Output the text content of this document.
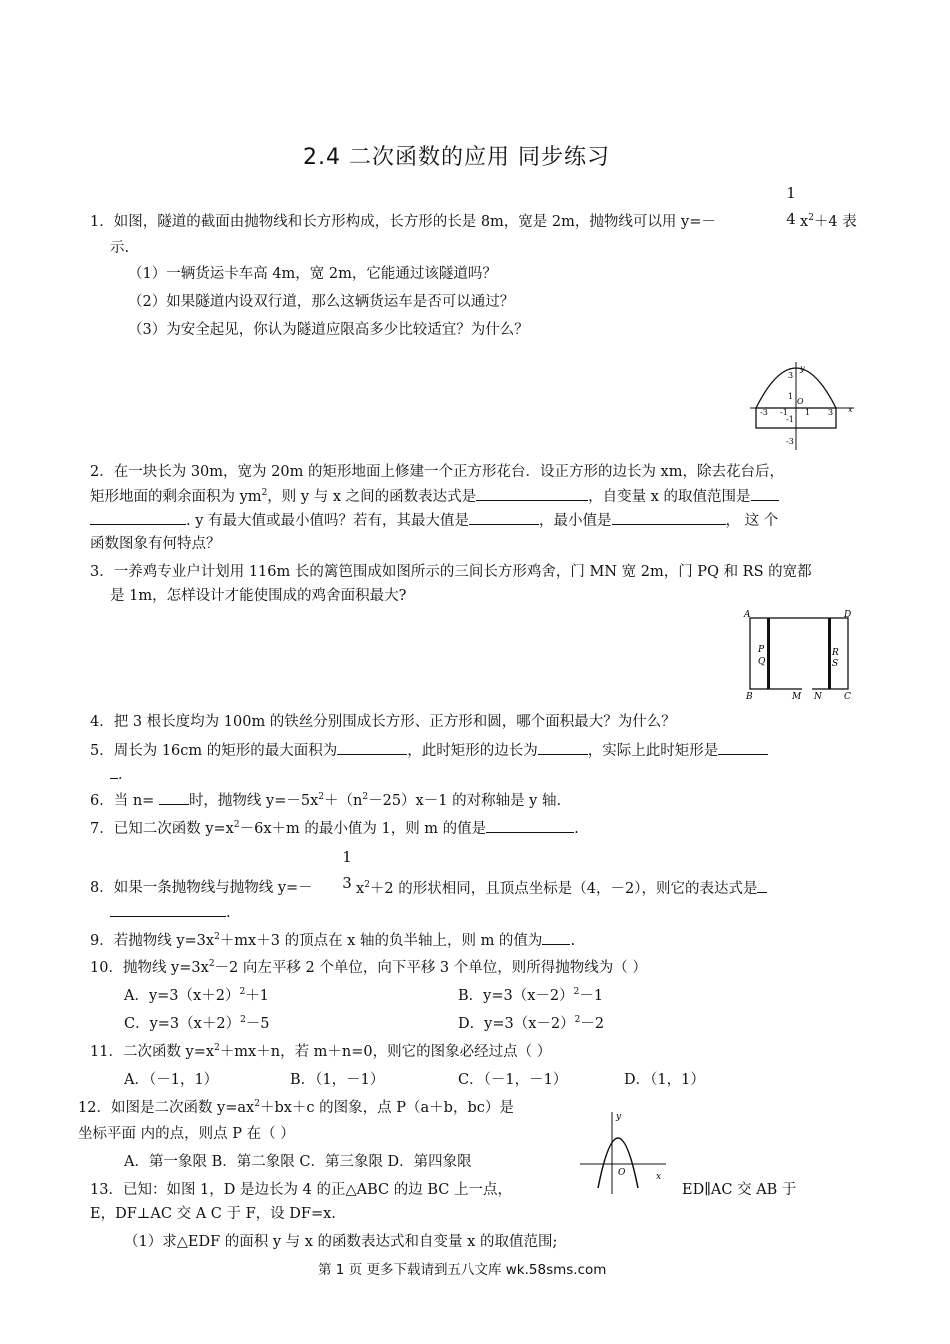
2.4 二次函数的应用 同步练习
1．如图，隧道的截面由抛物线和长方形构成，长方形的长是 8m，宽是 2m，抛物线可以用 y=－
1
4 $x^2+4$ 表
示.
（1）一辆货运卡车高 4m，宽 2m，它能通过该隧道吗？
（2）如果隧道内设双行道，那么这辆货运车是否可以通过？
（3）为安全起见，你认为隧道应限高多少比较适宜？为什么？
y
x
O
3
1
-1
-3
-3 -1 1 3
2．在一块长为 30m，宽为 20m 的矩形地面上修建一个正方形花台．设正方形的边长为 xm，除去花台后，
矩形地面的剩余面积为 $ym^2$，则 y 与 x 之间的函数表达式是	，自变量 x 的取值范围是
. y 有最大值或最小值吗？若有，其最大值是	，最小值是	， 这 个
函数图象有何特点？
3．一养鸡专业户计划用 116m 长的篱笆围成如图所示的三间长方形鸡舍，门 MN 宽 2m，门 PQ 和 RS 的宽都
是 1m，怎样设计才能使围成的鸡舍面积最大?
A	D
B	C
P
Q
R
S
M N
4．把 3 根长度均为 100m 的铁丝分别围成长方形、正方形和圆，哪个面积最大？为什么？
5．周长为 16cm 的矩形的最大面积为	，此时矩形的边长为	，实际上此时矩形是
．
6．当 n= 时，抛物线 $y=-5x^2+(n^2-25)x-1$ 的对称轴是 y 轴.
7．已知二次函数 $y=x^2-6x+m$ 的最小值为 1，则 m 的值是	.
8．如果一条抛物线与抛物线 y=－
1
3 $x^2+2$ 的形状相同，且顶点坐标是（4，－2），则它的表达式是
.
9．若抛物线 $y=3x^2+mx+3$ 的顶点在 x 轴的负半轴上，则 m 的值为 .
10．抛物线 $y=3x^2-2$ 向左平移 2 个单位，向下平移 3 个单位，则所得抛物线为（ ）
A．$y=3(x+2)^2+1$	B．$y=3(x-2)^2-1$
C．$y=3(x+2)^2-5$	D．$y=3(x-2)^2-2$
11．二次函数 $y=x^2+mx+n$，若 m＋n=0，则它的图象必经过点（ ）
A．（－1，1）	B．（1，－1）	C．（－1，－1）	D．（1，1）
12．如图是二次函数 $y=ax^2+bx+c$ 的图象，点 P（a＋b，bc）是
坐标平面 内的点，则点 P 在（ ）
A．第一象限 B．第二象限 C．第三象限 D．第四象限
y
x
O
13．已知：如图 1，D 是边长为 4 的正△ABC 的边 BC 上一点，	ED∥AC 交 AB 于
E，DF⊥AC 交 A C 于 F，设 DF=x.
（1）求△EDF 的面积 y 与 x 的函数表达式和自变量 x 的取值范围;
第 1 页 更多下载请到五八文库 wk.58sms.com
